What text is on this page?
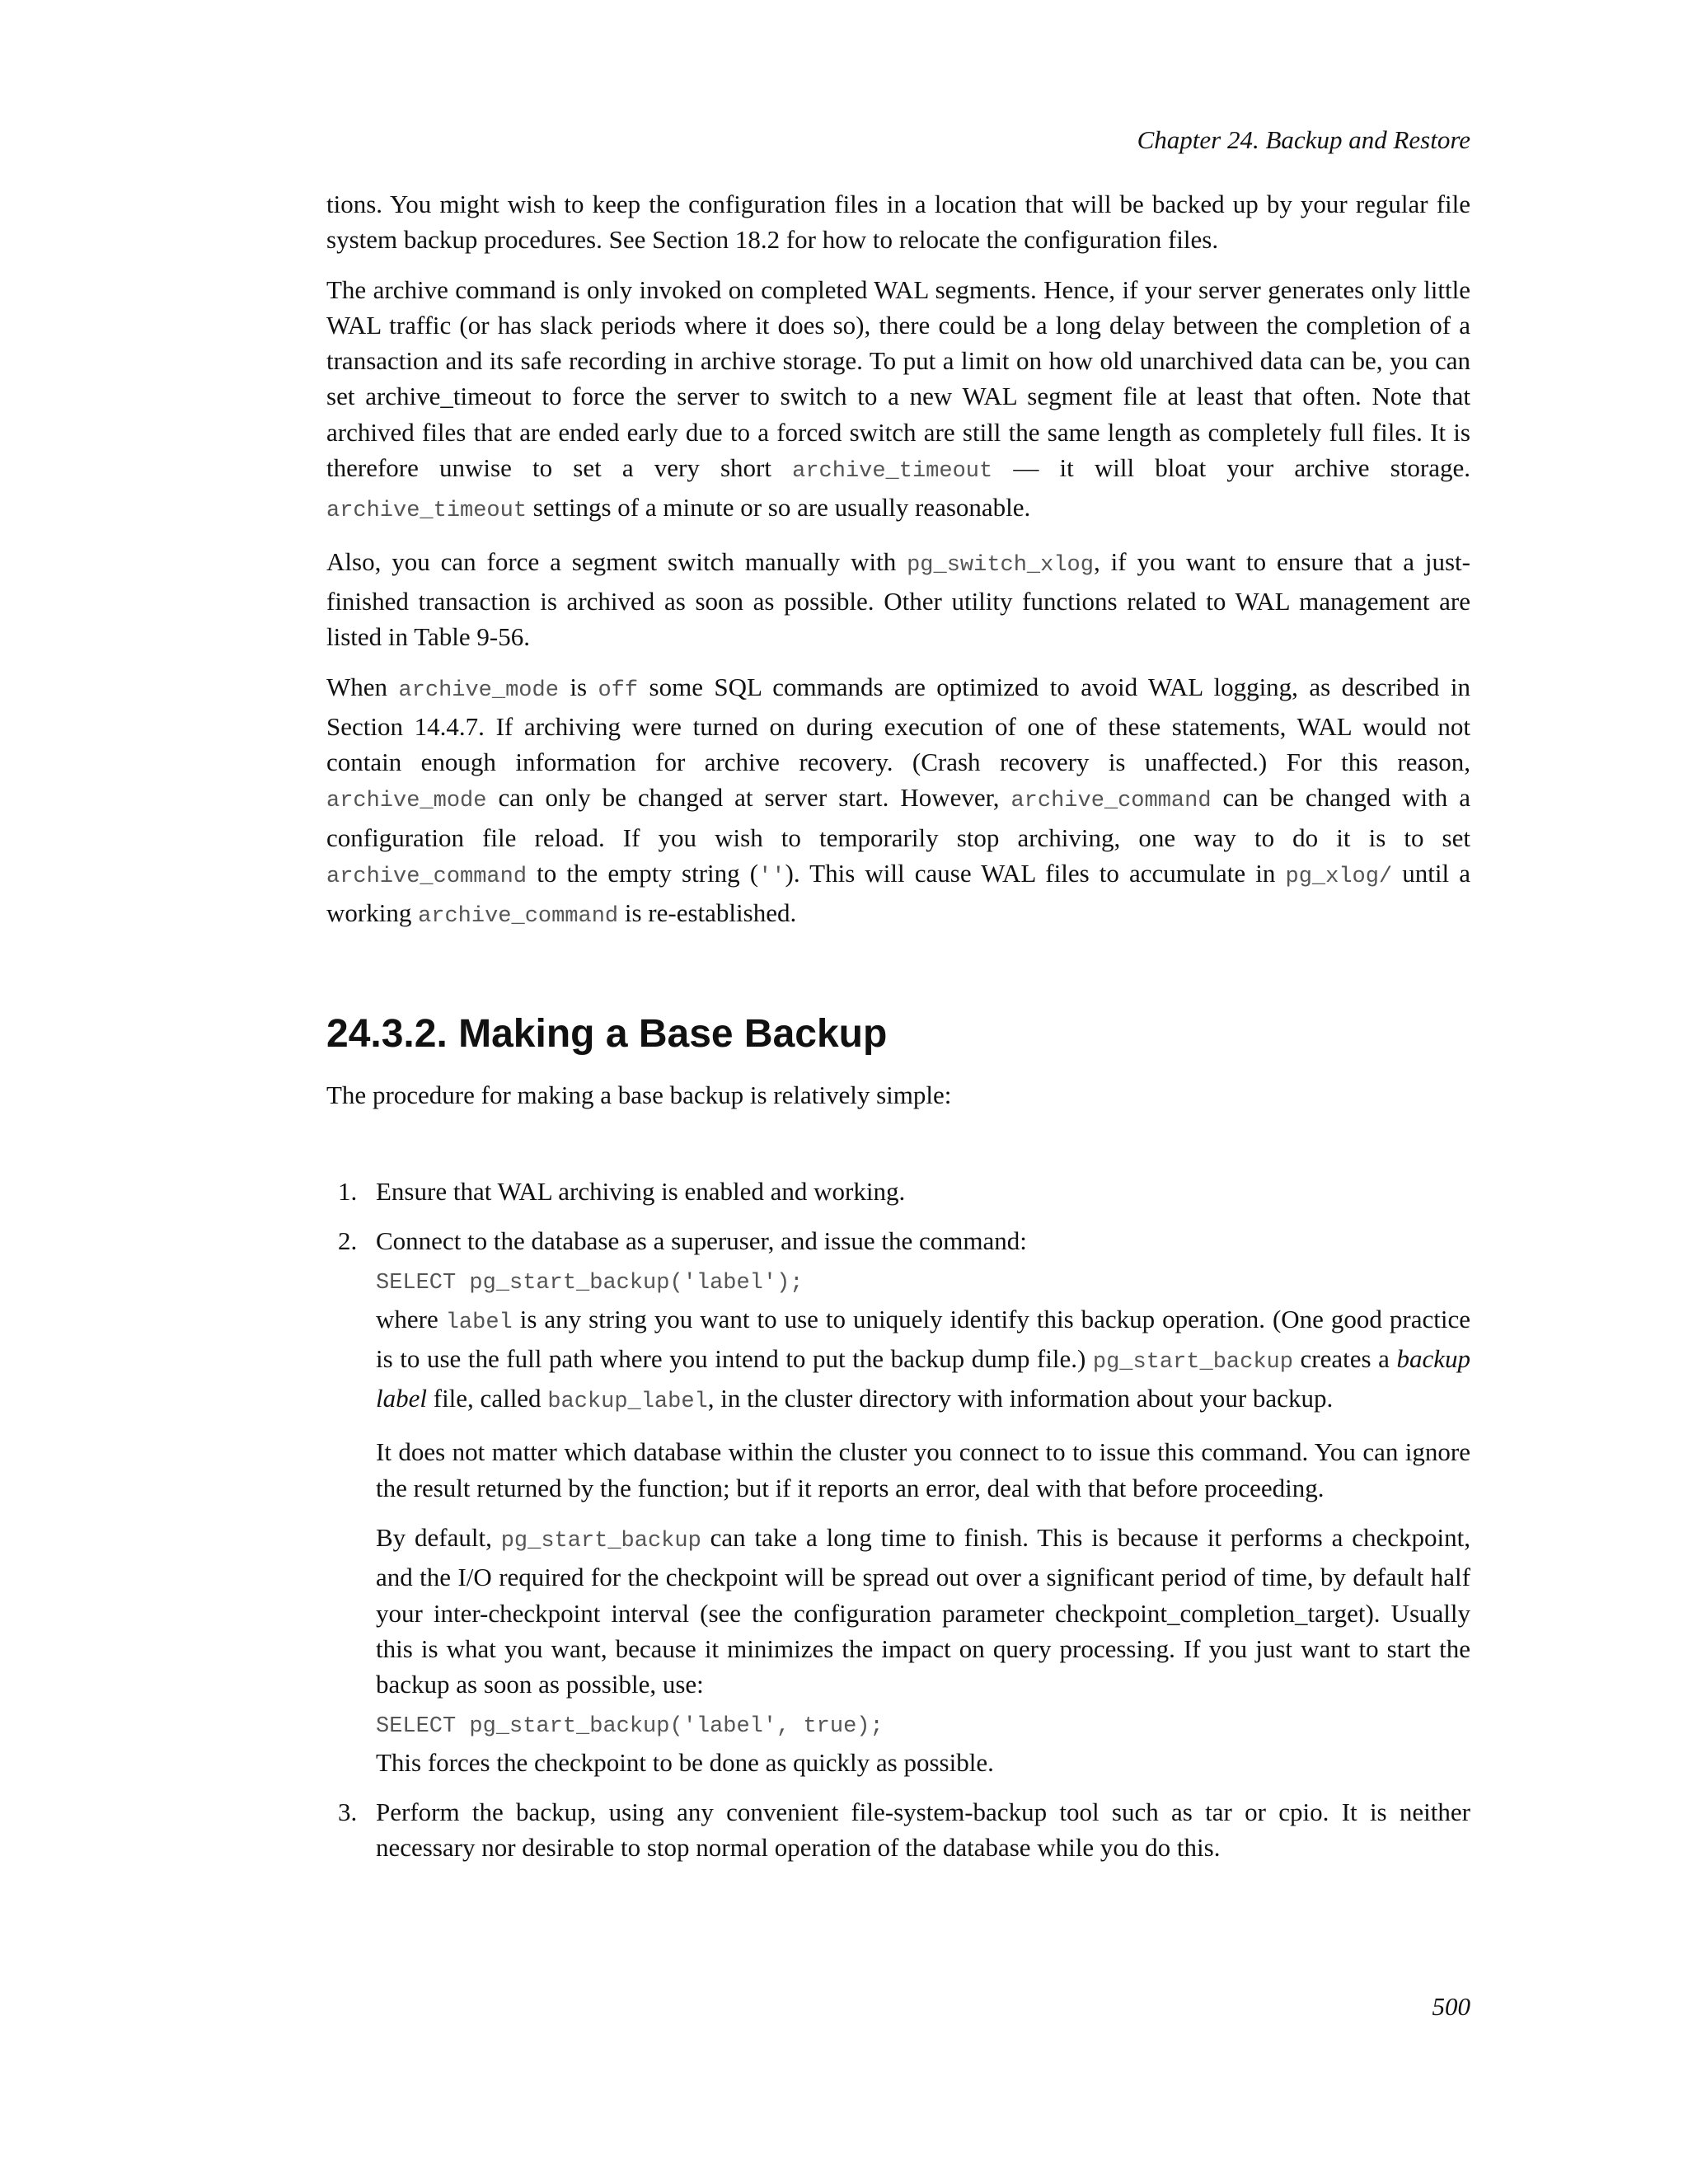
Chapter 24. Backup and Restore

tions. You might wish to keep the configuration files in a location that will be backed up by your regular file system backup procedures. See Section 18.2 for how to relocate the configuration files.

The archive command is only invoked on completed WAL segments. Hence, if your server generates only little WAL traffic (or has slack periods where it does so), there could be a long delay between the completion of a transaction and its safe recording in archive storage. To put a limit on how old unarchived data can be, you can set archive_timeout to force the server to switch to a new WAL segment file at least that often. Note that archived files that are ended early due to a forced switch are still the same length as completely full files. It is therefore unwise to set a very short archive_timeout — it will bloat your archive storage. archive_timeout settings of a minute or so are usually reasonable.

Also, you can force a segment switch manually with pg_switch_xlog, if you want to ensure that a just-finished transaction is archived as soon as possible. Other utility functions related to WAL management are listed in Table 9-56.

When archive_mode is off some SQL commands are optimized to avoid WAL logging, as described in Section 14.4.7. If archiving were turned on during execution of one of these statements, WAL would not contain enough information for archive recovery. (Crash recovery is unaffected.) For this reason, archive_mode can only be changed at server start. However, archive_command can be changed with a configuration file reload. If you wish to temporarily stop archiving, one way to do it is to set archive_command to the empty string (''). This will cause WAL files to accumulate in pg_xlog/ until a working archive_command is re-established.

24.3.2. Making a Base Backup

The procedure for making a base backup is relatively simple:

1. Ensure that WAL archiving is enabled and working.

2. Connect to the database as a superuser, and issue the command:

SELECT pg_start_backup('label');

where label is any string you want to use to uniquely identify this backup operation. (One good practice is to use the full path where you intend to put the backup dump file.) pg_start_backup creates a backup label file, called backup_label, in the cluster directory with information about your backup.

It does not matter which database within the cluster you connect to to issue this command. You can ignore the result returned by the function; but if it reports an error, deal with that before proceeding.

By default, pg_start_backup can take a long time to finish. This is because it performs a checkpoint, and the I/O required for the checkpoint will be spread out over a significant period of time, by default half your inter-checkpoint interval (see the configuration parameter checkpoint_completion_target). Usually this is what you want, because it minimizes the impact on query processing. If you just want to start the backup as soon as possible, use:

SELECT pg_start_backup('label', true);

This forces the checkpoint to be done as quickly as possible.

3. Perform the backup, using any convenient file-system-backup tool such as tar or cpio. It is neither necessary nor desirable to stop normal operation of the database while you do this.

500
